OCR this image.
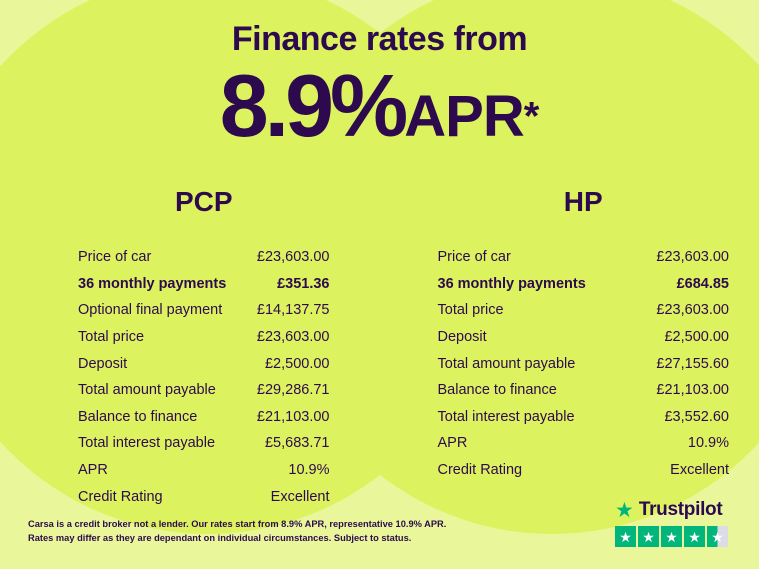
Finance rates from
8.9%APR*
PCP
Price of car	£23,603.00
36 monthly payments	£351.36
Optional final payment £14,137.75
Total price	£23,603.00
Deposit	£2,500.00
Total amount payable	£29,286.71
Balance to finance	£21,103.00
Total interest payable	£5,683.71
APR	10.9%
Credit Rating	Excellent
HP
Price of car	£23,603.00
36 monthly payments	£684.85
Total price	£23,603.00
Deposit	£2,500.00
Total amount payable	£27,155.60
Balance to finance	£21,103.00
Total interest payable	£3,552.60
APR	10.9%
Credit Rating	Excellent
Carsa is a credit broker not a lender. Our rates start from 8.9% APR, representative 10.9% APR. Rates may differ as they are dependant on individual circumstances. Subject to status.
★ Trustpilot
★ ★ ★ ★ ★
